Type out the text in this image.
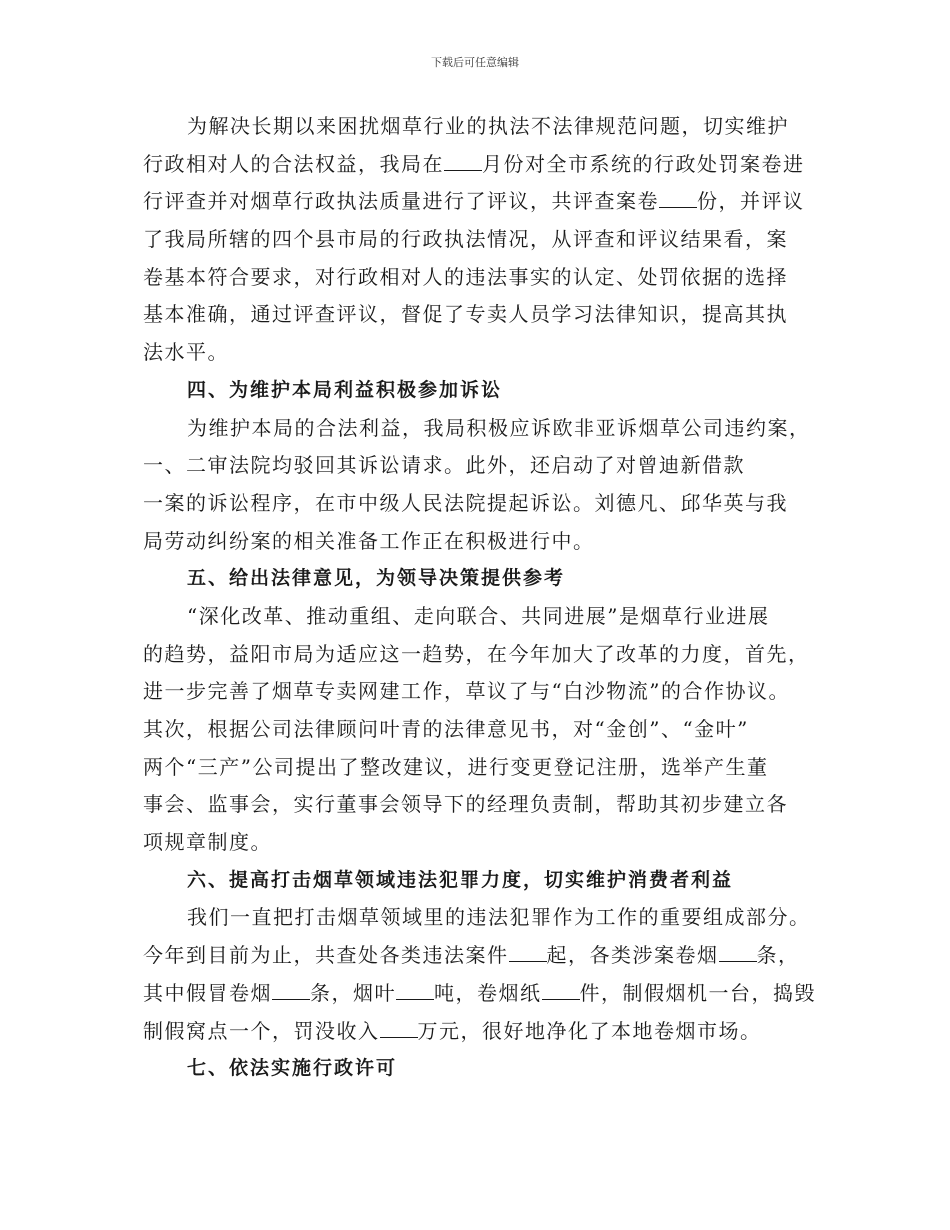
下载后可任意编辑
为解决长期以来困扰烟草行业的执法不法律规范问题，切实维护
行政相对人的合法权益，我局在 月份对全市系统的行政处罚案卷进
行评查并对烟草行政执法质量进行了评议，共评查案卷 份，并评议
了我局所辖的四个县市局的行政执法情况，从评查和评议结果看，案
卷基本符合要求，对行政相对人的违法事实的认定、处罚依据的选择
基本准确，通过评查评议，督促了专卖人员学习法律知识，提高其执
法水平。
四、为维护本局利益积极参加诉讼
为维护本局的合法利益，我局积极应诉欧非亚诉烟草公司违约案，
一、二审法院均驳回其诉讼请求。此外，还启动了对曾迪新借款
一案的诉讼程序，在市中级人民法院提起诉讼。刘德凡、邱华英与我
局劳动纠纷案的相关准备工作正在积极进行中。
五、给出法律意见，为领导决策提供参考
“深化改革、推动重组、走向联合、共同进展”是烟草行业进展
的趋势，益阳市局为适应这一趋势，在今年加大了改革的力度，首先，
进一步完善了烟草专卖网建工作，草议了与“白沙物流”的合作协议。
其次，根据公司法律顾问叶青的法律意见书，对“金创”、“金叶”
两个“三产”公司提出了整改建议，进行变更登记注册，选举产生董
事会、监事会，实行董事会领导下的经理负责制，帮助其初步建立各
项规章制度。
六、提高打击烟草领域违法犯罪力度，切实维护消费者利益
我们一直把打击烟草领域里的违法犯罪作为工作的重要组成部分。
今年到目前为止，共查处各类违法案件 起，各类涉案卷烟 条，
其中假冒卷烟 条，烟叶 吨，卷烟纸 件，制假烟机一台，捣毁
制假窝点一个，罚没收入 万元，很好地净化了本地卷烟市场。
七、依法实施行政许可
